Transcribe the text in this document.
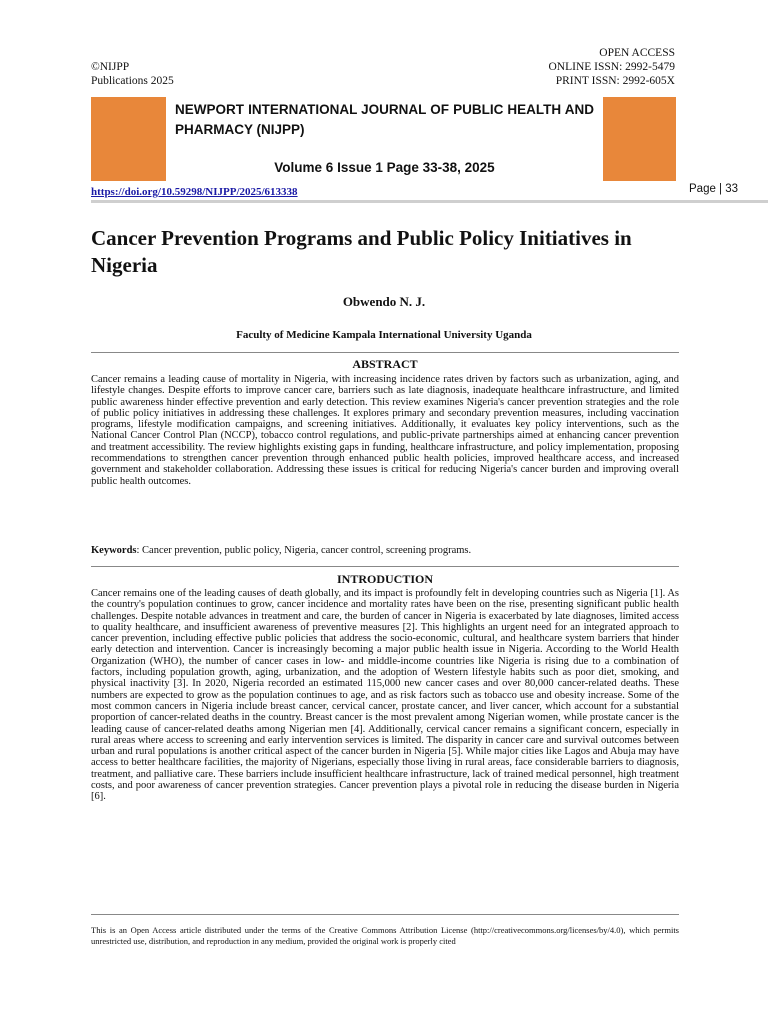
©NIJPP
Publications 2025
OPEN ACCESS
ONLINE ISSN: 2992-5479
PRINT ISSN: 2992-605X
NEWPORT INTERNATIONAL JOURNAL OF PUBLIC HEALTH AND PHARMACY (NIJPP)
Volume 6 Issue 1 Page 33-38, 2025
https://doi.org/10.59298/NIJPP/2025/613338	Page | 33
Cancer Prevention Programs and Public Policy Initiatives in Nigeria
Obwendo N. J.
Faculty of Medicine Kampala International University Uganda
ABSTRACT
Cancer remains a leading cause of mortality in Nigeria, with increasing incidence rates driven by factors such as urbanization, aging, and lifestyle changes. Despite efforts to improve cancer care, barriers such as late diagnosis, inadequate healthcare infrastructure, and limited public awareness hinder effective prevention and early detection. This review examines Nigeria's cancer prevention strategies and the role of public policy initiatives in addressing these challenges. It explores primary and secondary prevention measures, including vaccination programs, lifestyle modification campaigns, and screening initiatives. Additionally, it evaluates key policy interventions, such as the National Cancer Control Plan (NCCP), tobacco control regulations, and public-private partnerships aimed at enhancing cancer prevention and treatment accessibility. The review highlights existing gaps in funding, healthcare infrastructure, and policy implementation, proposing recommendations to strengthen cancer prevention through enhanced public health policies, improved healthcare access, and increased government and stakeholder collaboration. Addressing these issues is critical for reducing Nigeria's cancer burden and improving overall public health outcomes.
Keywords: Cancer prevention, public policy, Nigeria, cancer control, screening programs.
INTRODUCTION
Cancer remains one of the leading causes of death globally, and its impact is profoundly felt in developing countries such as Nigeria [1]. As the country's population continues to grow, cancer incidence and mortality rates have been on the rise, presenting significant public health challenges. Despite notable advances in treatment and care, the burden of cancer in Nigeria is exacerbated by late diagnoses, limited access to quality healthcare, and insufficient awareness of preventive measures [2]. This highlights an urgent need for an integrated approach to cancer prevention, including effective public policies that address the socio-economic, cultural, and healthcare system barriers that hinder early detection and intervention. Cancer is increasingly becoming a major public health issue in Nigeria. According to the World Health Organization (WHO), the number of cancer cases in low- and middle-income countries like Nigeria is rising due to a combination of factors, including population growth, aging, urbanization, and the adoption of Western lifestyle habits such as poor diet, smoking, and physical inactivity [3]. In 2020, Nigeria recorded an estimated 115,000 new cancer cases and over 80,000 cancer-related deaths. These numbers are expected to grow as the population continues to age, and as risk factors such as tobacco use and obesity increase. Some of the most common cancers in Nigeria include breast cancer, cervical cancer, prostate cancer, and liver cancer, which account for a substantial proportion of cancer-related deaths in the country. Breast cancer is the most prevalent among Nigerian women, while prostate cancer is the leading cause of cancer-related deaths among Nigerian men [4]. Additionally, cervical cancer remains a significant concern, especially in rural areas where access to screening and early intervention services is limited. The disparity in cancer care and survival outcomes between urban and rural populations is another critical aspect of the cancer burden in Nigeria [5]. While major cities like Lagos and Abuja may have access to better healthcare facilities, the majority of Nigerians, especially those living in rural areas, face considerable barriers to diagnosis, treatment, and palliative care. These barriers include insufficient healthcare infrastructure, lack of trained medical personnel, high treatment costs, and poor awareness of cancer prevention strategies. Cancer prevention plays a pivotal role in reducing the disease burden in Nigeria [6].
This is an Open Access article distributed under the terms of the Creative Commons Attribution License (http://creativecommons.org/licenses/by/4.0), which permits unrestricted use, distribution, and reproduction in any medium, provided the original work is properly cited
